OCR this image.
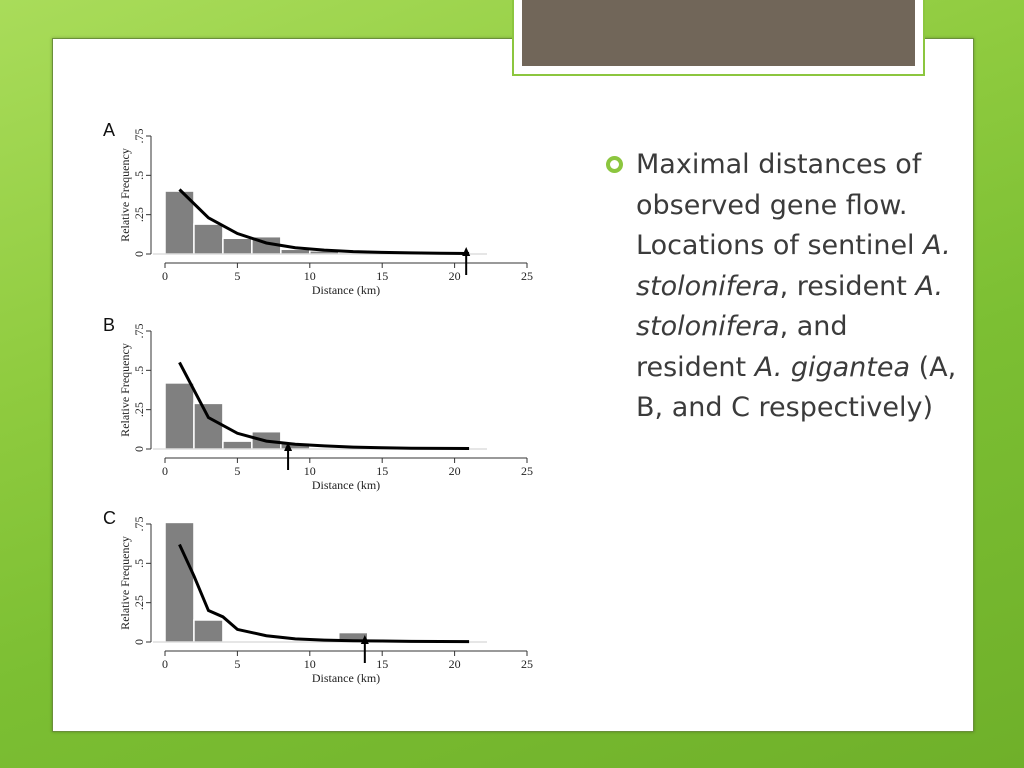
A
0
.25
.5
.75
Relative Frequency
0	5	10	15	20	25
Distance (km)
B
0
.25
.5
.75
Relative Frequency
0	5	10	15	20	25
Distance (km)
C
0
.25
.5
.75
Relative Frequency
0	5	10	15	20	25
Distance (km)
Maximal distances of observed gene flow. Locations of sentinel A. stolonifera, resident A. stolonifera, and resident A. gigantea (A, B, and C respectively)
